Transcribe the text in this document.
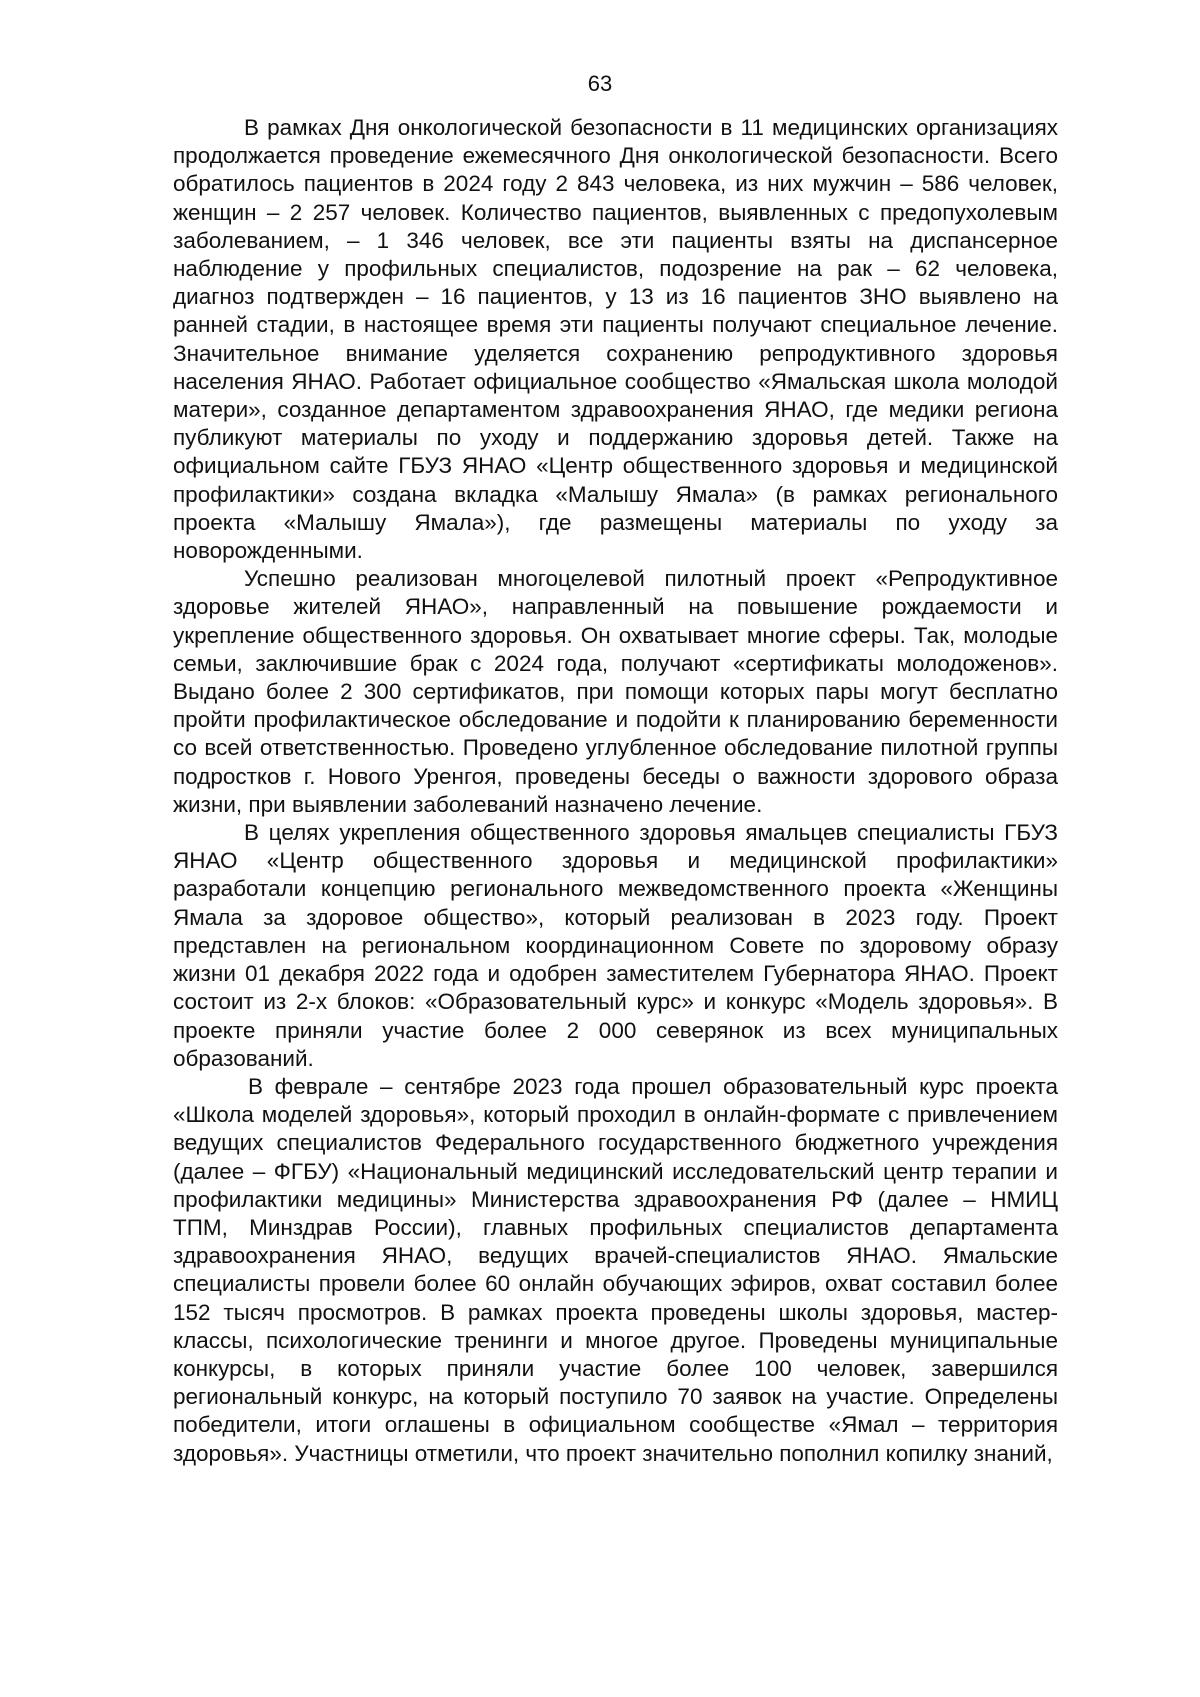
63

В рамках Дня онкологической безопасности в 11 медицинских организациях продолжается проведение ежемесячного Дня онкологической безопасности. Всего обратилось пациентов в 2024 году 2 843 человека, из них мужчин – 586 человек, женщин – 2 257 человек. Количество пациентов, выявленных с предопухолевым заболеванием, – 1 346 человек, все эти пациенты взяты на диспансерное наблюдение у профильных специалистов, подозрение на рак – 62 человека, диагноз подтвержден – 16 пациентов, у 13 из 16 пациентов ЗНО выявлено на ранней стадии, в настоящее время эти пациенты получают специальное лечение. Значительное внимание уделяется сохранению репродуктивного здоровья населения ЯНАО. Работает официальное сообщество «Ямальская школа молодой матери», созданное департаментом здравоохранения ЯНАО, где медики региона публикуют материалы по уходу и поддержанию здоровья детей. Также на официальном сайте ГБУЗ ЯНАО «Центр общественного здоровья и медицинской профилактики» создана вкладка «Малышу Ямала» (в рамках регионального проекта «Малышу Ямала»), где размещены материалы по уходу за новорожденными.

Успешно реализован многоцелевой пилотный проект «Репродуктивное здоровье жителей ЯНАО», направленный на повышение рождаемости и укрепление общественного здоровья. Он охватывает многие сферы. Так, молодые семьи, заключившие брак с 2024 года, получают «сертификаты молодоженов». Выдано более 2 300 сертификатов, при помощи которых пары могут бесплатно пройти профилактическое обследование и подойти к планированию беременности со всей ответственностью. Проведено углубленное обследование пилотной группы подростков г. Нового Уренгоя, проведены беседы о важности здорового образа жизни, при выявлении заболеваний назначено лечение.

В целях укрепления общественного здоровья ямальцев специалисты ГБУЗ ЯНАО «Центр общественного здоровья и медицинской профилактики» разработали концепцию регионального межведомственного проекта «Женщины Ямала за здоровое общество», который реализован в 2023 году. Проект представлен на региональном координационном Совете по здоровому образу жизни 01 декабря 2022 года и одобрен заместителем Губернатора ЯНАО. Проект состоит из 2-х блоков: «Образовательный курс» и конкурс «Модель здоровья». В проекте приняли участие более 2 000 северянок из всех муниципальных образований.

В феврале – сентябре 2023 года прошел образовательный курс проекта «Школа моделей здоровья», который проходил в онлайн-формате с привлечением ведущих специалистов Федерального государственного бюджетного учреждения (далее – ФГБУ) «Национальный медицинский исследовательский центр терапии и профилактики медицины» Министерства здравоохранения РФ (далее – НМИЦ ТПМ, Минздрав России), главных профильных специалистов департамента здравоохранения ЯНАО, ведущих врачей-специалистов ЯНАО. Ямальские специалисты провели более 60 онлайн обучающих эфиров, охват составил более 152 тысяч просмотров. В рамках проекта проведены школы здоровья, мастер-классы, психологические тренинги и многое другое. Проведены муниципальные конкурсы, в которых приняли участие более 100 человек, завершился региональный конкурс, на который поступило 70 заявок на участие. Определены победители, итоги оглашены в официальном сообществе «Ямал – территория здоровья». Участницы отметили, что проект значительно пополнил копилку знаний,
